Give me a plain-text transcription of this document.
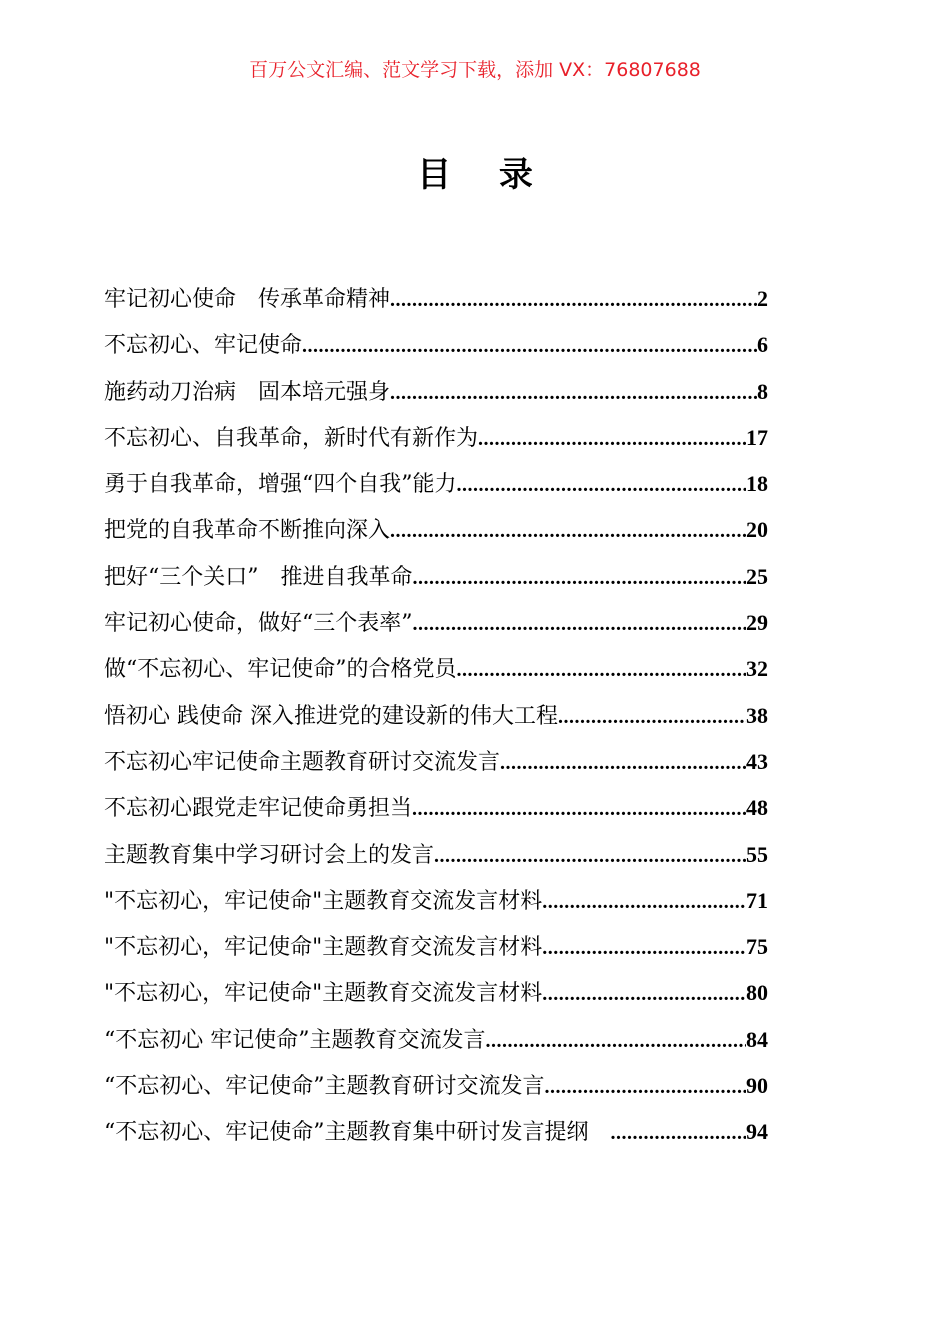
百万公文汇编、范文学习下载，添加 VX：76807688
目 录
牢记初心使命　传承革命精神 .....	2
不忘初心、牢记使命 .....	6
施药动刀治病　固本培元强身 .....	8
不忘初心、自我革命，新时代有新作为 .....	17
勇于自我革命，增强“四个自我”能力 .....	18
把党的自我革命不断推向深入 .....	20
把好“三个关口”　推进自我革命 .....	25
牢记初心使命，做好“三个表率” .....	29
做“不忘初心、牢记使命”的合格党员 .....	32
悟初心 践使命 深入推进党的建设新的伟大工程 .....	38
不忘初心牢记使命主题教育研讨交流发言 .....	43
不忘初心跟党走牢记使命勇担当 .....	48
主题教育集中学习研讨会上的发言 .....	55
"不忘初心，牢记使命"主题教育交流发言材料 .....	71
"不忘初心，牢记使命"主题教育交流发言材料 .....	75
"不忘初心，牢记使命"主题教育交流发言材料 .....	80
“不忘初心 牢记使命”主题教育交流发言 .....	84
“不忘初心、牢记使命”主题教育研讨交流发言 .....	90
“不忘初心、牢记使命”主题教育集中研讨发言提纲　 .....	94
